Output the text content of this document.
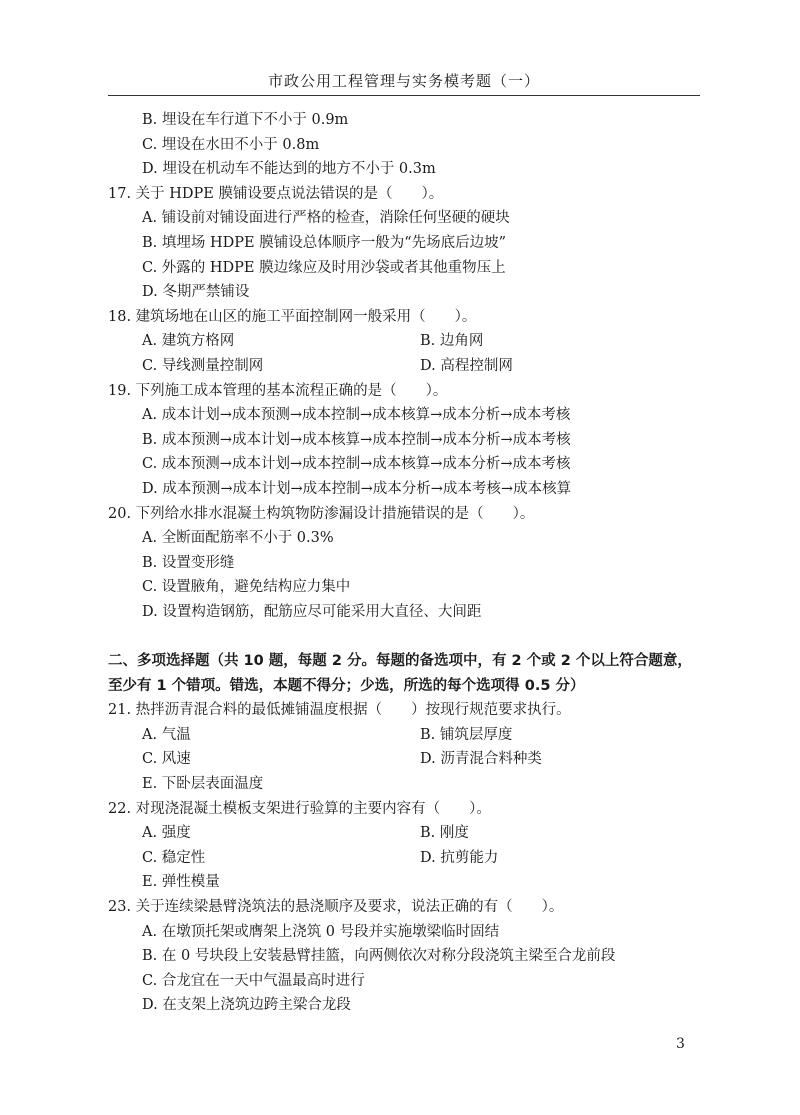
市政公用工程管理与实务模考题（一）
B. 埋设在车行道下不小于 0.9m
C. 埋设在水田不小于 0.8m
D. 埋设在机动车不能达到的地方不小于 0.3m
17. 关于 HDPE 膜铺设要点说法错误的是（　　）。
A. 铺设前对铺设面进行严格的检查，消除任何坚硬的硬块
B. 填埋场 HDPE 膜铺设总体顺序一般为“先场底后边坡”
C. 外露的 HDPE 膜边缘应及时用沙袋或者其他重物压上
D. 冬期严禁铺设
18. 建筑场地在山区的施工平面控制网一般采用（　　）。
A. 建筑方格网	B. 边角网
C. 导线测量控制网	D. 高程控制网
19. 下列施工成本管理的基本流程正确的是（　　）。
A. 成本计划→成本预测→成本控制→成本核算→成本分析→成本考核
B. 成本预测→成本计划→成本核算→成本控制→成本分析→成本考核
C. 成本预测→成本计划→成本控制→成本核算→成本分析→成本考核
D. 成本预测→成本计划→成本控制→成本分析→成本考核→成本核算
20. 下列给水排水混凝土构筑物防渗漏设计措施错误的是（　　）。
A. 全断面配筋率不小于 0.3%
B. 设置变形缝
C. 设置腋角，避免结构应力集中
D. 设置构造钢筋，配筋应尽可能采用大直径、大间距
二、多项选择题（共 10 题，每题 2 分。每题的备选项中，有 2 个或 2 个以上符合题意，
至少有 1 个错项。错选，本题不得分；少选，所选的每个选项得 0.5 分）
21. 热拌沥青混合料的最低摊铺温度根据（　　）按现行规范要求执行。
A. 气温	B. 铺筑层厚度
C. 风速	D. 沥青混合料种类
E. 下卧层表面温度
22. 对现浇混凝土模板支架进行验算的主要内容有（　　）。
A. 强度	B. 刚度
C. 稳定性	D. 抗剪能力
E. 弹性模量
23. 关于连续梁悬臂浇筑法的悬浇顺序及要求，说法正确的有（　　）。
A. 在墩顶托架或膺架上浇筑 0 号段并实施墩梁临时固结
B. 在 0 号块段上安装悬臂挂篮，向两侧依次对称分段浇筑主梁至合龙前段
C. 合龙宜在一天中气温最高时进行
D. 在支架上浇筑边跨主梁合龙段
3
